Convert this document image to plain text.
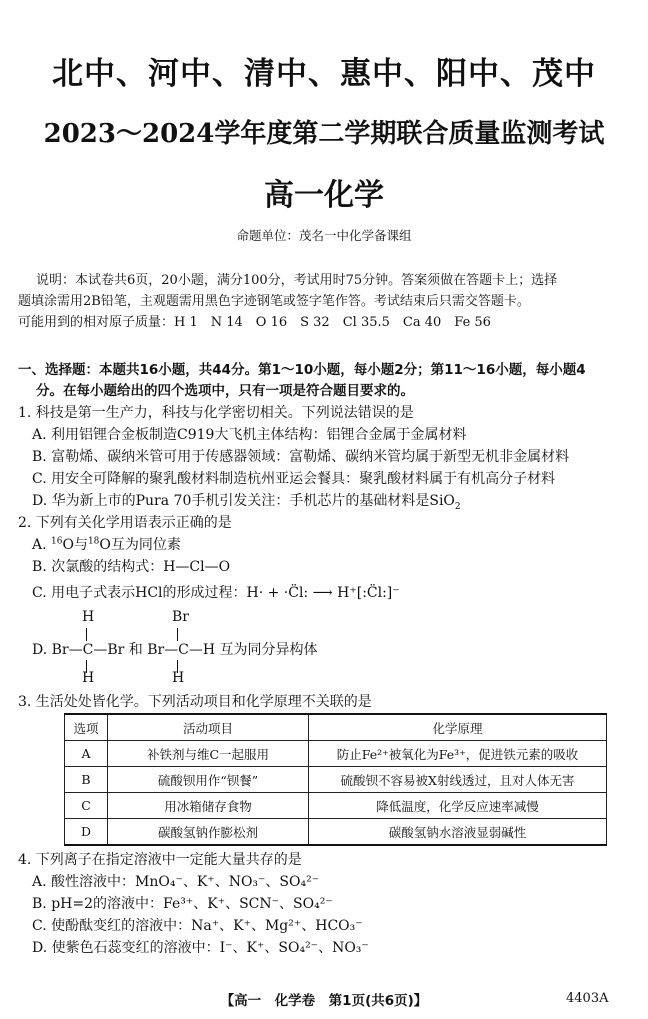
北中、河中、清中、惠中、阳中、茂中
2023～2024学年度第二学期联合质量监测考试
高一化学
命题单位：茂名一中化学备课组
说明：本试卷共6页，20小题，满分100分，考试用时75分钟。答案须做在答题卡上；选择
题填涂需用2B铅笔，主观题需用黑色字迹钢笔或签字笔作答。考试结束后只需交答题卡。
可能用到的相对原子质量：H 1　N 14　O 16　S 32　Cl 35.5　Ca 40　Fe 56
一、选择题：本题共16小题，共44分。第1～10小题，每小题2分；第11～16小题，每小题4
分。在每小题给出的四个选项中，只有一项是符合题目要求的。
1. 科技是第一生产力，科技与化学密切相关。下列说法错误的是
A. 利用铝锂合金板制造C919大飞机主体结构：铝锂合金属于金属材料
B. 富勒烯、碳纳米管可用于传感器领域：富勒烯、碳纳米管均属于新型无机非金属材料
C. 用安全可降解的聚乳酸材料制造杭州亚运会餐具：聚乳酸材料属于有机高分子材料
D. 华为新上市的Pura 70手机引发关注：手机芯片的基础材料是SiO$_2$
2. 下列有关化学用语表示正确的是
A. $^{16}$O与$^{18}$O互为同位素
B. 次氯酸的结构式：H—Cl—O
C. 用电子式表示HCl的形成过程：H· + ·C̈l: ⟶ H⁺[:C̈l:]⁻
H	Br
D. Br—C—Br 和 Br—C—H 互为同分异构体
H	H
3. 生活处处皆化学。下列活动项目和化学原理不关联的是
选项	活动项目	化学原理
A	补铁剂与维C一起服用	防止Fe²⁺被氧化为Fe³⁺，促进铁元素的吸收
B	硫酸钡用作“钡餐”	硫酸钡不容易被X射线透过，且对人体无害
C	用冰箱储存食物	降低温度，化学反应速率减慢
D	碳酸氢钠作膨松剂	碳酸氢钠水溶液显弱碱性
4. 下列离子在指定溶液中一定能大量共存的是
A. 酸性溶液中：MnO₄⁻、K⁺、NO₃⁻、SO₄²⁻
B. pH=2的溶液中：Fe³⁺、K⁺、SCN⁻、SO₄²⁻
C. 使酚酞变红的溶液中：Na⁺、K⁺、Mg²⁺、HCO₃⁻
D. 使紫色石蕊变红的溶液中：I⁻、K⁺、SO₄²⁻、NO₃⁻
【高一　化学卷　第1页(共6页)】	4403A
